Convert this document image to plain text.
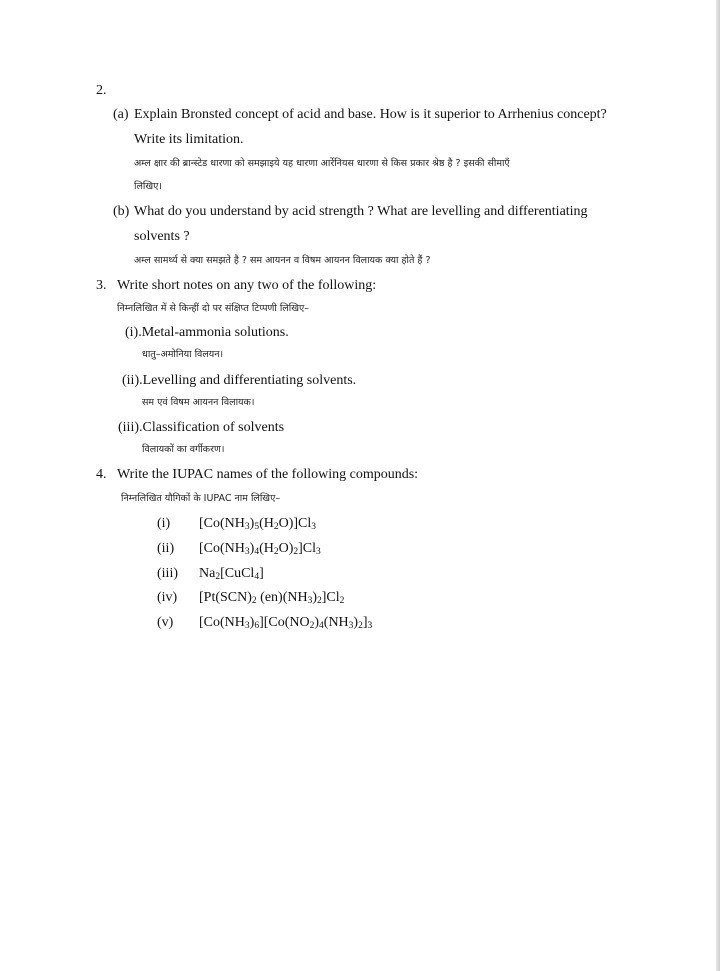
2.
(a) Explain Bronsted concept of acid and base. How is it superior to Arrhenius concept?
Write its limitation.
अम्ल क्षार की ब्रान्स्टेड धारणा को समझाइये यह धारणा आर्रेनियस धारणा से किस प्रकार श्रेष्ठ है ? इसकी सीमाएँ
लिखिए।
(b) What do you understand by acid strength ? What are levelling and differentiating
solvents ?
अम्ल सामर्थ्य से क्या समझते है ? सम आयनन व विषम आयनन विलायक क्या होते हैं ?
3. Write short notes on any two of the following:
निम्नलिखित में से किन्हीं दो पर संक्षिप्त टिप्पणी लिखिए–
(i).Metal-ammonia solutions.
धातु–अमोनिया विलयन।
(ii).Levelling and differentiating solvents.
सम एवं विषम आयनन विलायक।
(iii).Classification of solvents
विलायकों का वर्गीकरण।
4. Write the IUPAC names of the following compounds:
निम्नलिखित यौगिकों के IUPAC नाम लिखिए–
(i) $[Co(NH_3)_5(H_2O)]Cl_3$
(ii) $[Co(NH_3)_4(H_2O)_2]Cl_3$
(iii) $Na_2[CuCl_4]$
(iv) [$Pt(SCN)_2$ $(en)(NH_3)_2]Cl_2$
(v) $[Co(NH_3)_6][Co(NO_2)_4(NH_3)_2]_3$
